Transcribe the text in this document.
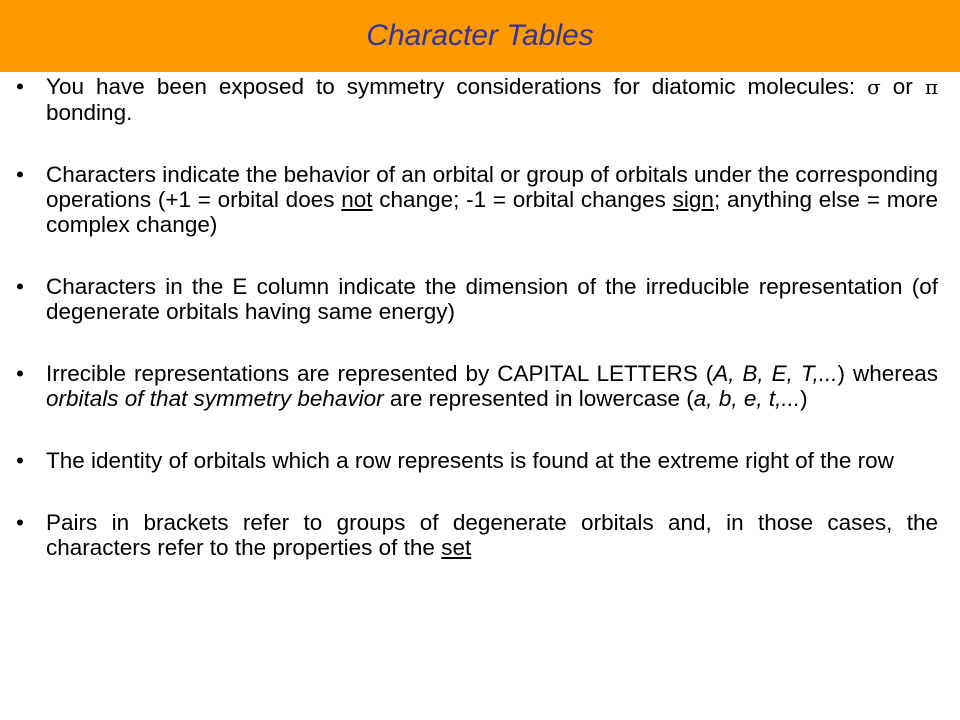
Character Tables
• You have been exposed to symmetry considerations for diatomic molecules: σ or π bonding.
• Characters indicate the behavior of an orbital or group of orbitals under the corresponding operations (+1 = orbital does not change; -1 = orbital changes sign; anything else = more complex change)
• Characters in the E column indicate the dimension of the irreducible representation (of degenerate orbitals having same energy)
• Irrecible representations are represented by CAPITAL LETTERS (A, B, E, T,...) whereas orbitals of that symmetry behavior are represented in lowercase (a, b, e, t,...)
• The identity of orbitals which a row represents is found at the extreme right of the row
• Pairs in brackets refer to groups of degenerate orbitals and, in those cases, the characters refer to the properties of the set
